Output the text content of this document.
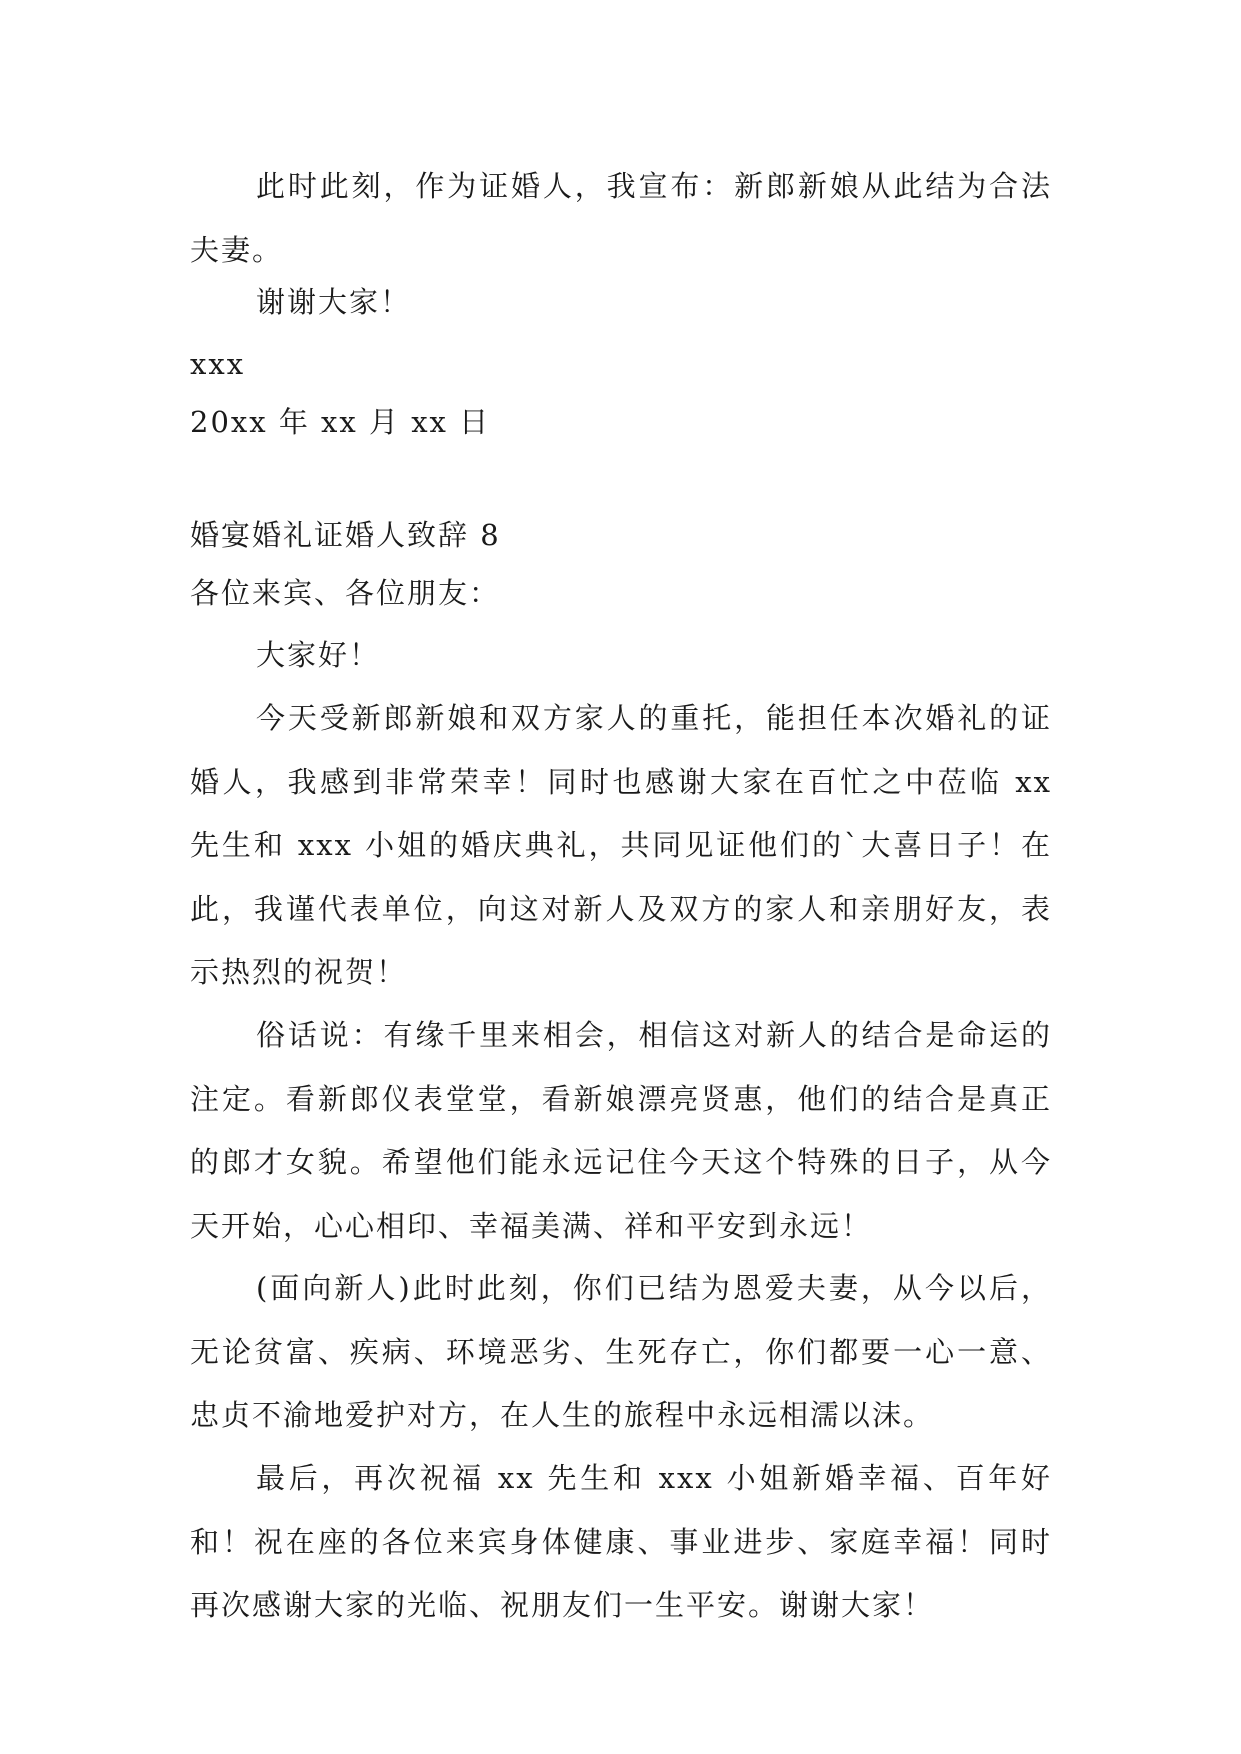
此时此刻，作为证婚人，我宣布：新郎新娘从此结为合法夫妻。
谢谢大家！
xxx
20xx 年 xx 月 xx 日
婚宴婚礼证婚人致辞 8
各位来宾、各位朋友：
大家好！
今天受新郎新娘和双方家人的重托，能担任本次婚礼的证婚人，我感到非常荣幸！同时也感谢大家在百忙之中莅临 xx 先生和 xxx 小姐的婚庆典礼，共同见证他们的`大喜日子！在此，我谨代表单位，向这对新人及双方的家人和亲朋好友，表示热烈的祝贺！
俗话说：有缘千里来相会，相信这对新人的结合是命运的注定。看新郎仪表堂堂，看新娘漂亮贤惠，他们的结合是真正的郎才女貌。希望他们能永远记住今天这个特殊的日子，从今天开始，心心相印、幸福美满、祥和平安到永远！
(面向新人)此时此刻，你们已结为恩爱夫妻，从今以后，无论贫富、疾病、环境恶劣、生死存亡，你们都要一心一意、忠贞不渝地爱护对方，在人生的旅程中永远相濡以沫。
最后，再次祝福 xx 先生和 xxx 小姐新婚幸福、百年好和！祝在座的各位来宾身体健康、事业进步、家庭幸福！同时再次感谢大家的光临、祝朋友们一生平安。谢谢大家！
